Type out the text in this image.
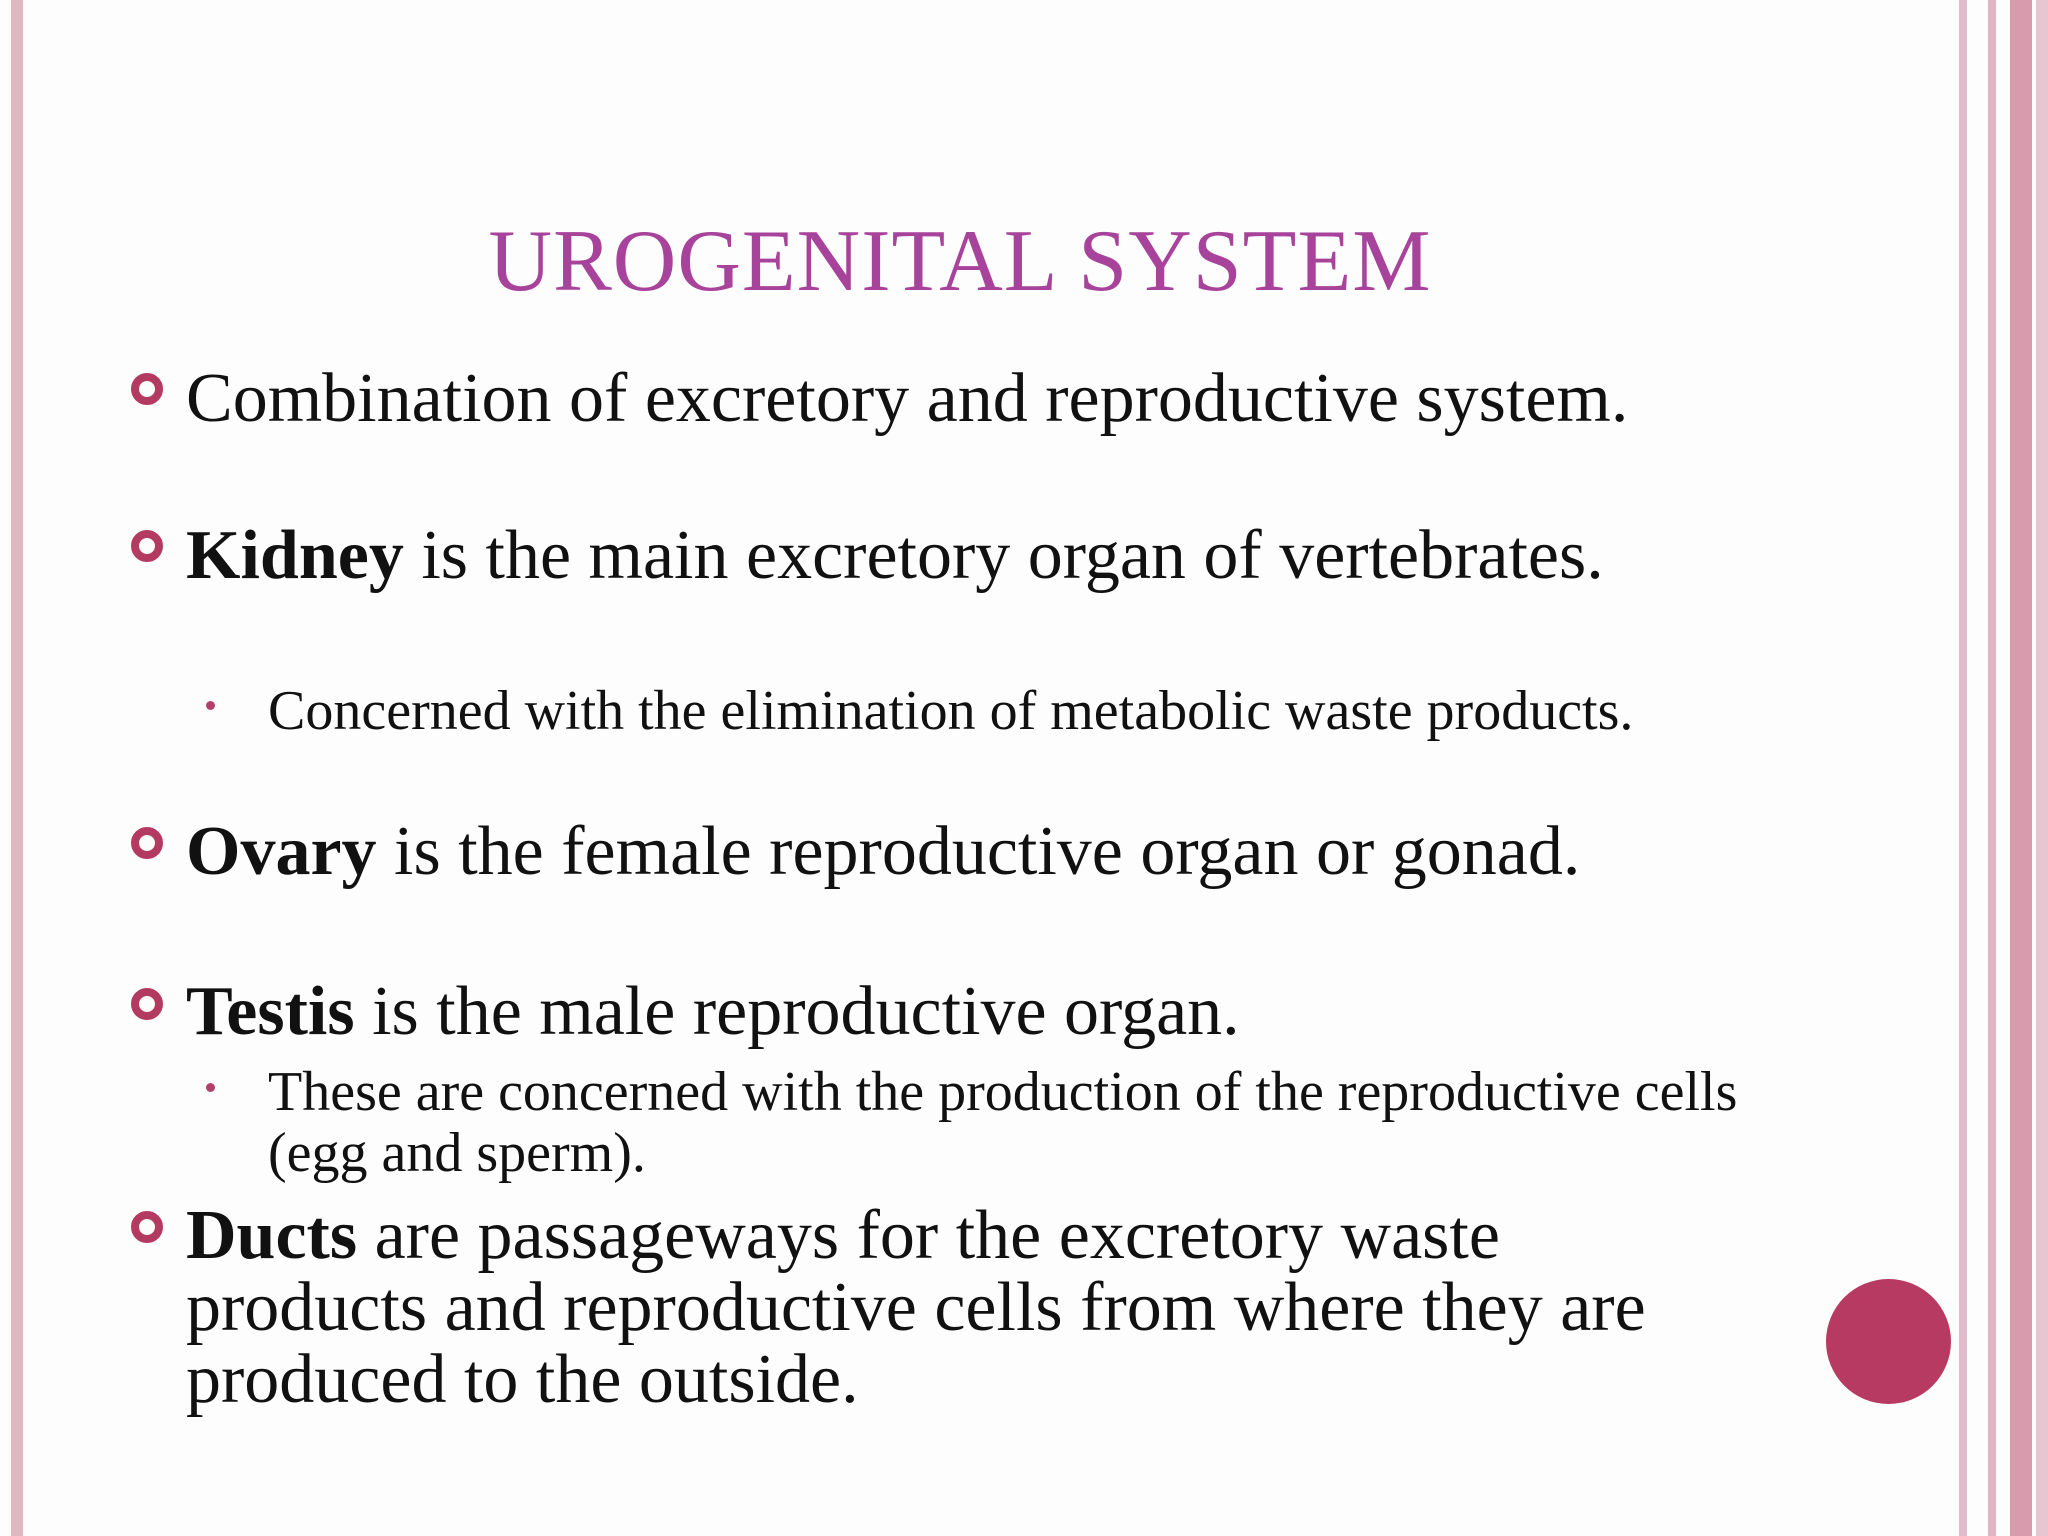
UROGENITAL SYSTEM
Combination of excretory and reproductive system.
Kidney is the main excretory organ of vertebrates.
Concerned with the elimination of metabolic waste products.
Ovary is the female reproductive organ or gonad.
Testis is the male reproductive organ.
These are concerned with the production of the reproductive cells (egg and sperm).
Ducts are passageways for the excretory waste products and reproductive cells from where they are produced to the outside.
